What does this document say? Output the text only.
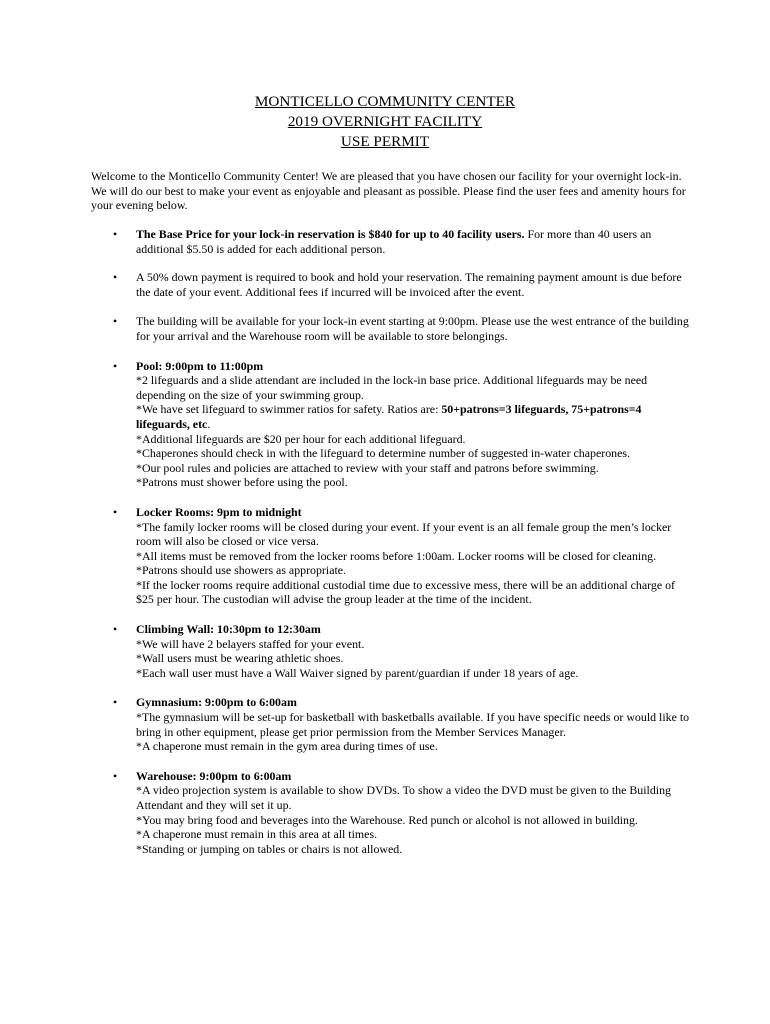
MONTICELLO COMMUNITY CENTER
2019 OVERNIGHT FACILITY
USE PERMIT
Welcome to the Monticello Community Center! We are pleased that you have chosen our facility for your overnight lock-in. We will do our best to make your event as enjoyable and pleasant as possible. Please find the user fees and amenity hours for your evening below.
• The Base Price for your lock-in reservation is $840 for up to 40 facility users. For more than 40 users an additional $5.50 is added for each additional person.
• A 50% down payment is required to book and hold your reservation. The remaining payment amount is due before the date of your event. Additional fees if incurred will be invoiced after the event.
• The building will be available for your lock-in event starting at 9:00pm. Please use the west entrance of the building for your arrival and the Warehouse room will be available to store belongings.
• Pool: 9:00pm to 11:00pm
*2 lifeguards and a slide attendant are included in the lock-in base price. Additional lifeguards may be need depending on the size of your swimming group.
*We have set lifeguard to swimmer ratios for safety. Ratios are: 50+patrons=3 lifeguards, 75+patrons=4 lifeguards, etc.
*Additional lifeguards are $20 per hour for each additional lifeguard.
*Chaperones should check in with the lifeguard to determine number of suggested in-water chaperones.
*Our pool rules and policies are attached to review with your staff and patrons before swimming.
*Patrons must shower before using the pool.
• Locker Rooms: 9pm to midnight
*The family locker rooms will be closed during your event. If your event is an all female group the men’s locker room will also be closed or vice versa.
*All items must be removed from the locker rooms before 1:00am. Locker rooms will be closed for cleaning.
*Patrons should use showers as appropriate.
*If the locker rooms require additional custodial time due to excessive mess, there will be an additional charge of $25 per hour. The custodian will advise the group leader at the time of the incident.
• Climbing Wall: 10:30pm to 12:30am
*We will have 2 belayers staffed for your event.
*Wall users must be wearing athletic shoes.
*Each wall user must have a Wall Waiver signed by parent/guardian if under 18 years of age.
• Gymnasium: 9:00pm to 6:00am
*The gymnasium will be set-up for basketball with basketballs available. If you have specific needs or would like to bring in other equipment, please get prior permission from the Member Services Manager.
*A chaperone must remain in the gym area during times of use.
• Warehouse: 9:00pm to 6:00am
*A video projection system is available to show DVDs. To show a video the DVD must be given to the Building Attendant and they will set it up.
*You may bring food and beverages into the Warehouse. Red punch or alcohol is not allowed in building.
*A chaperone must remain in this area at all times.
*Standing or jumping on tables or chairs is not allowed.
